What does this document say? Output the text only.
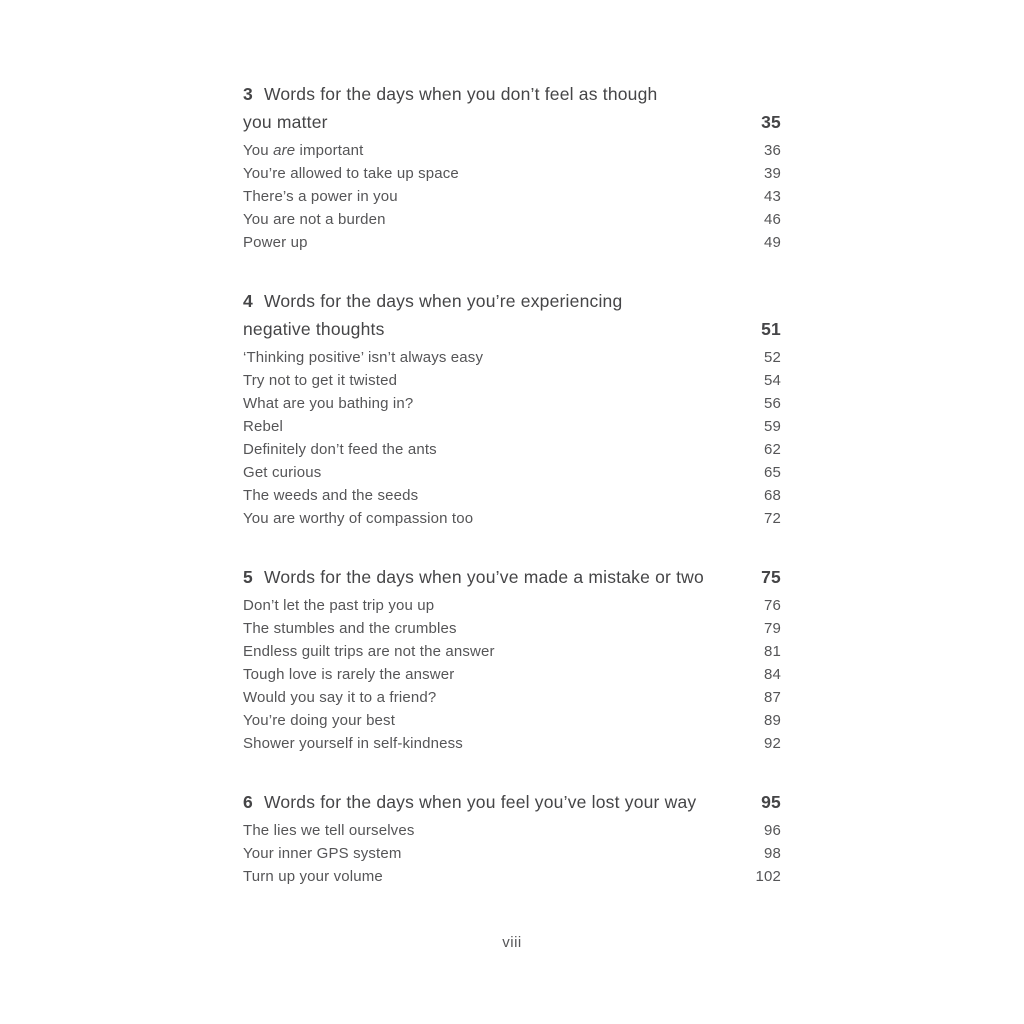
3 Words for the days when you don’t feel as though
you matter	35
You are important	36
You’re allowed to take up space	39
There’s a power in you	43
You are not a burden	46
Power up	49
4 Words for the days when you’re experiencing
negative thoughts	51
‘Thinking positive’ isn’t always easy	52
Try not to get it twisted	54
What are you bathing in?	56
Rebel	59
Definitely don’t feed the ants	62
Get curious	65
The weeds and the seeds	68
You are worthy of compassion too	72
5 Words for the days when you’ve made a mistake or two	75
Don’t let the past trip you up	76
The stumbles and the crumbles	79
Endless guilt trips are not the answer	81
Tough love is rarely the answer	84
Would you say it to a friend?	87
You’re doing your best	89
Shower yourself in self-kindness	92
6 Words for the days when you feel you’ve lost your way	95
The lies we tell ourselves	96
Your inner GPS system	98
Turn up your volume	102
viii
